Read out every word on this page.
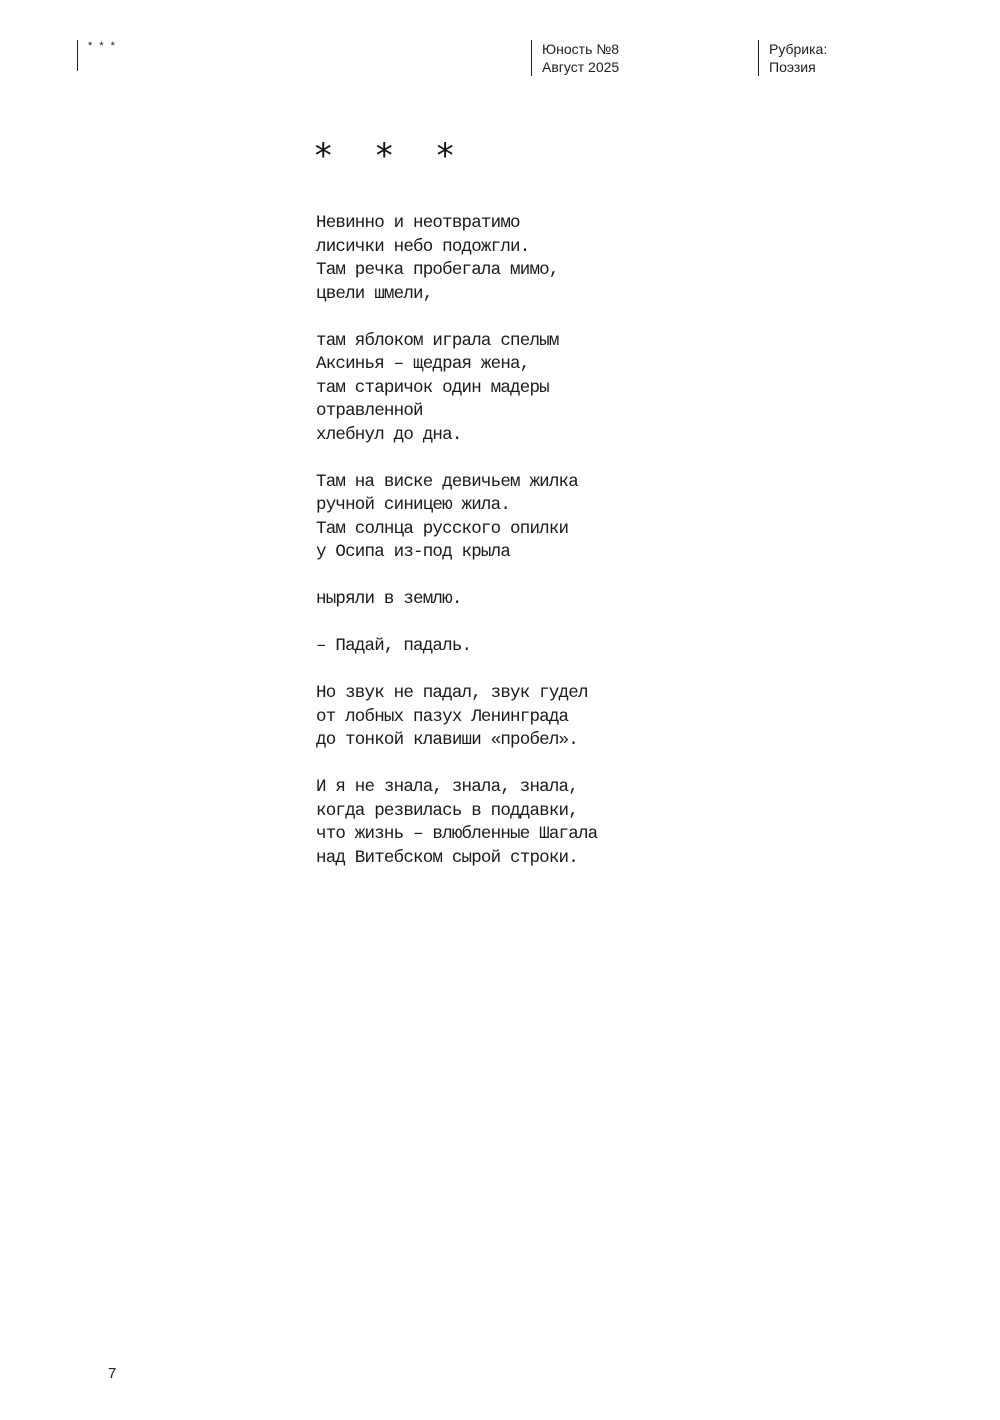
* * *	Юность №8
Август 2025
Рубрика:
Поэзия
* * *
Невинно и неотвратимо
лисички небо подожгли.
Там речка пробегала мимо,
цвели шмели,
там яблоком играла спелым
Аксинья – щедрая жена,
там старичок один мадеры
отравленной
хлебнул до дна.
Там на виске девичьем жилка
ручной синицею жила.
Там солнца русского опилки
у Осипа из-под крыла
ныряли в землю.
– Падай, падаль.
Но звук не падал, звук гудел
от лобных пазух Ленинграда
до тонкой клавиши «пробел».
И я не знала, знала, знала,
когда резвилась в поддавки,
что жизнь – влюбленные Шагала
над Витебском сырой строки.
7
